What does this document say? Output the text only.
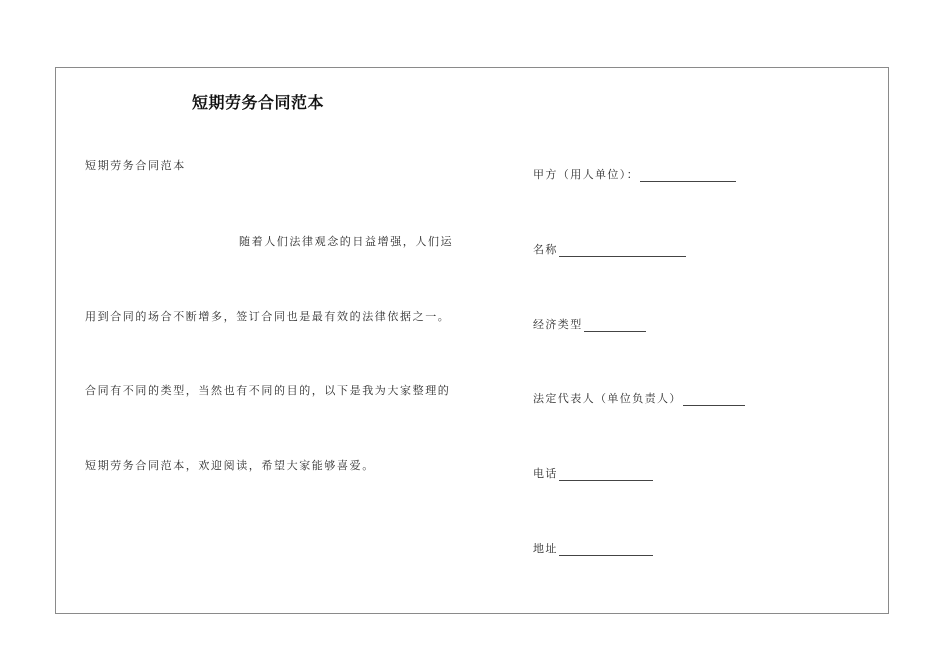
短期劳务合同范本
短期劳务合同范本
随着人们法律观念的日益增强，人们运
用到合同的场合不断增多，签订合同也是最有效的法律依据之一。
合同有不同的类型，当然也有不同的目的，以下是我为大家整理的
短期劳务合同范本，欢迎阅读，希望大家能够喜爱。
甲方（用人单位）：
名称
经济类型
法定代表人（单位负责人）
电话
地址
